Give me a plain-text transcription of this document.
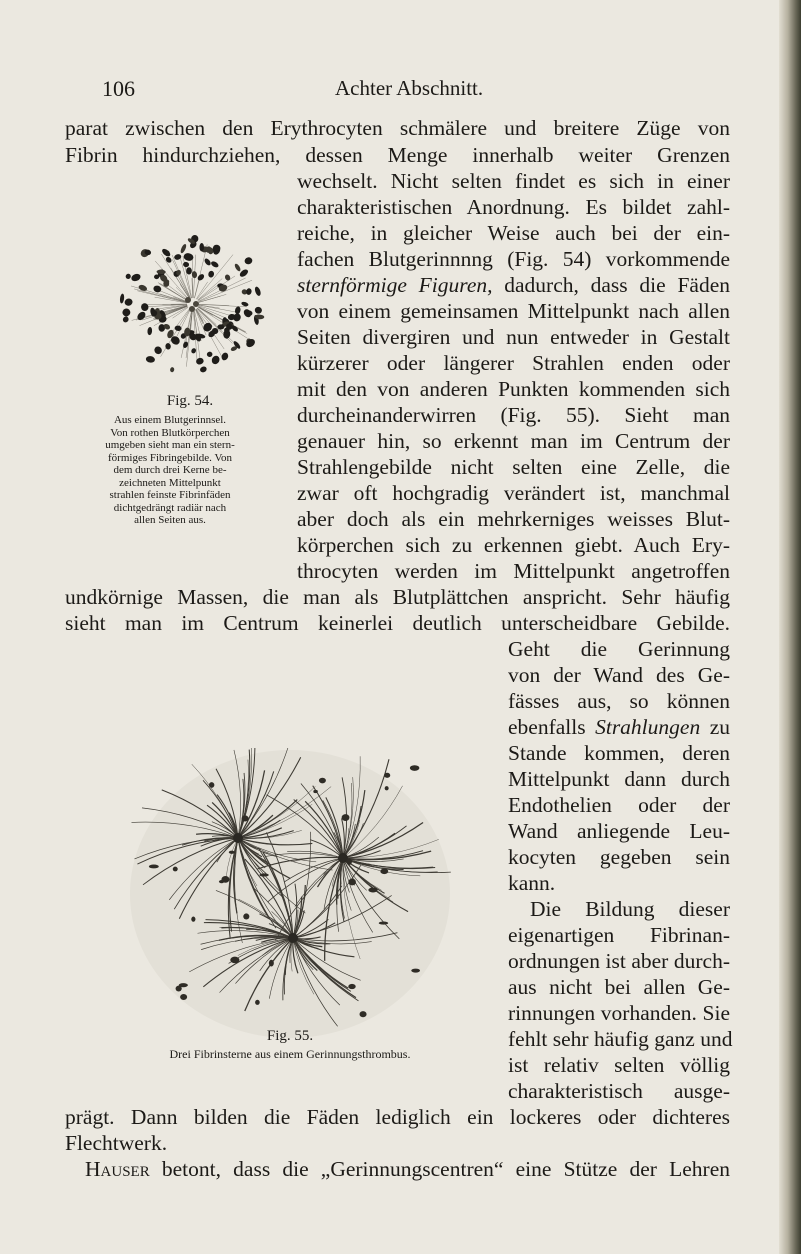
106	Achter Abschnitt.
parat zwischen den Erythrocyten schmälere und breitere Züge von
Fibrin hindurchziehen, dessen Menge innerhalb weiter Grenzen
wechselt. Nicht selten findet es sich in einer
charakteristischen Anordnung. Es bildet zahl-
reiche, in gleicher Weise auch bei der ein-
fachen Blutgerinnnng (Fig. 54) vorkommende
sternförmige Figuren, dadurch, dass die Fäden
von einem gemeinsamen Mittelpunkt nach allen
Seiten divergiren und nun entweder in Gestalt
kürzerer oder längerer Strahlen enden oder
mit den von anderen Punkten kommenden sich
durcheinanderwirren (Fig. 55). Sieht man
genauer hin, so erkennt man im Centrum der
Strahlengebilde nicht selten eine Zelle, die
zwar oft hochgradig verändert ist, manchmal
aber doch als ein mehrkerniges weisses Blut-
körperchen sich zu erkennen giebt. Auch Ery-
throcyten werden im Mittelpunkt angetroffen
undkörnige Massen, die man als Blutplättchen anspricht. Sehr häufig
sieht man im Centrum keinerlei deutlich unterscheidbare Gebilde.
Geht die Gerinnung
von der Wand des Ge-
fässes aus, so können
ebenfalls Strahlungen zu
Stande kommen, deren
Mittelpunkt dann durch
Endothelien oder der
Wand anliegende Leu-
kocyten gegeben sein
kann.
Die Bildung dieser
eigenartigen Fibrinan-
ordnungen ist aber durch-
aus nicht bei allen Ge-
rinnungen vorhanden. Sie
fehlt sehr häufig ganz und
ist relativ selten völlig
charakteristisch ausge-
prägt. Dann bilden die Fäden lediglich ein lockeres oder dichteres
Flechtwerk.
Hauser betont, dass die „Gerinnungscentren“ eine Stütze der Lehren
Fig. 54.
Aus einem Blutgerinnsel.
Von rothen Blutkörperchen
umgeben sieht man ein stern-
förmiges Fibringebilde. Von
dem durch drei Kerne be-
zeichneten Mittelpunkt
strahlen feinste Fibrinfäden
dichtgedrängt radiär nach
allen Seiten aus.
Fig. 55.
Drei Fibrinsterne aus einem Gerinnungsthrombus.
